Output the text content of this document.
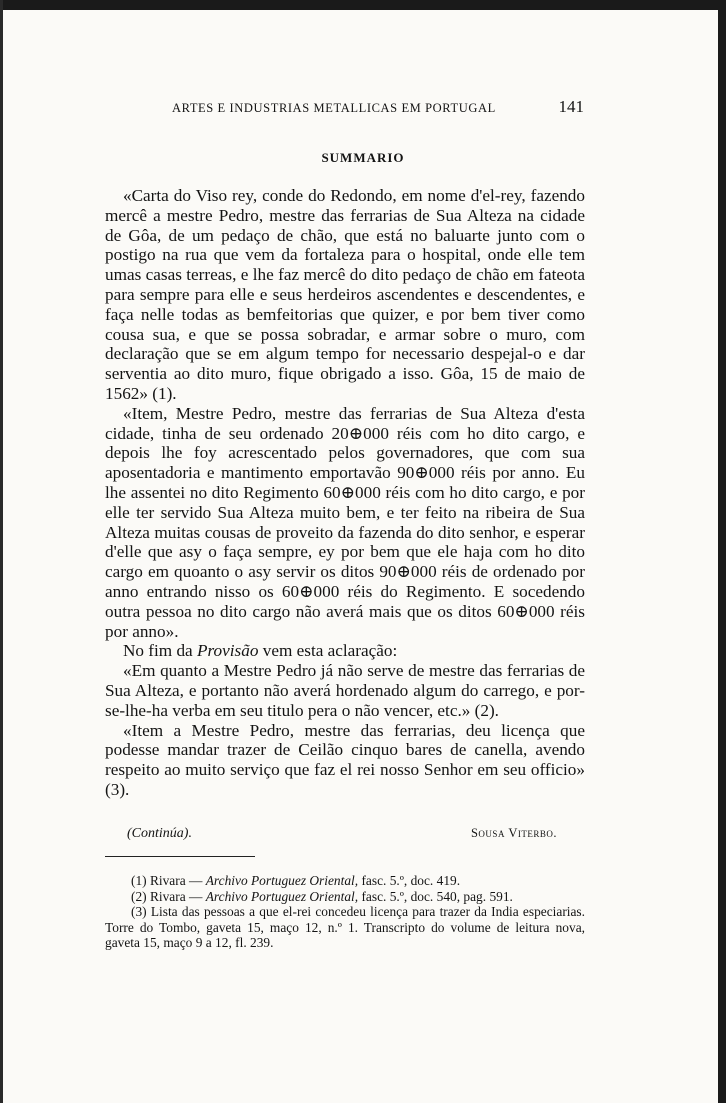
ARTES E INDUSTRIAS METALLICAS EM PORTUGAL	141
SUMMARIO

«Carta do Viso rey, conde do Redondo, em nome d'el-rey, fazendo mercê a mestre Pedro, mestre das ferrarias de Sua Alteza na cidade de Gôa, de um pedaço de chão, que está no baluarte junto com o postigo na rua que vem da fortaleza para o hospital, onde elle tem umas casas terreas, e lhe faz mercê do dito pedaço de chão em fateota para sempre para elle e seus herdeiros ascendentes e descendentes, e faça nelle todas as bemfeitorias que quizer, e por bem tiver como cousa sua, e que se possa sobradar, e armar sobre o muro, com declaração que se em algum tempo for necessario despejal-o e dar serventia ao dito muro, fique obrigado a isso. Gôa, 15 de maio de 1562» (1).

«Item, Mestre Pedro, mestre das ferrarias de Sua Alteza d'esta cidade, tinha de seu ordenado 20⊕000 réis com ho dito cargo, e depois lhe foy acrescentado pelos governadores, que com sua aposentadoria e mantimento emportavão 90⊕000 réis por anno. Eu lhe assentei no dito Regimento 60⊕000 réis com ho dito cargo, e por elle ter servido Sua Alteza muito bem, e ter feito na ribeira de Sua Alteza muitas cousas de proveito da fazenda do dito senhor, e esperar d'elle que asy o faça sempre, ey por bem que ele haja com ho dito cargo em quoanto o asy servir os ditos 90⊕000 réis de ordenado por anno entrando nisso os 60⊕000 réis do Regimento. E socedendo outra pessoa no dito cargo não averá mais que os ditos 60⊕000 réis por anno».

No fim da Provisão vem esta aclaração:

«Em quanto a Mestre Pedro já não serve de mestre das ferrarias de Sua Alteza, e portanto não averá hordenado algum do carrego, e por-se-lhe-ha verba em seu titulo pera o não vencer, etc.» (2).

«Item a Mestre Pedro, mestre das ferrarias, deu licença que podesse mandar trazer de Ceilão cinquo bares de canella, avendo respeito ao muito serviço que faz el rei nosso Senhor em seu officio» (3).

(Continúa).	Sousa Viterbo.

(1) Rivara — Archivo Portuguez Oriental, fasc. 5.º, doc. 419.

(2) Rivara — Archivo Portuguez Oriental, fasc. 5.º, doc. 540, pag. 591.

(3) Lista das pessoas a que el-rei concedeu licença para trazer da India especiarias. Torre do Tombo, gaveta 15, maço 12, n.º 1. Transcripto do volume de leitura nova, gaveta 15, maço 9 a 12, fl. 239.
